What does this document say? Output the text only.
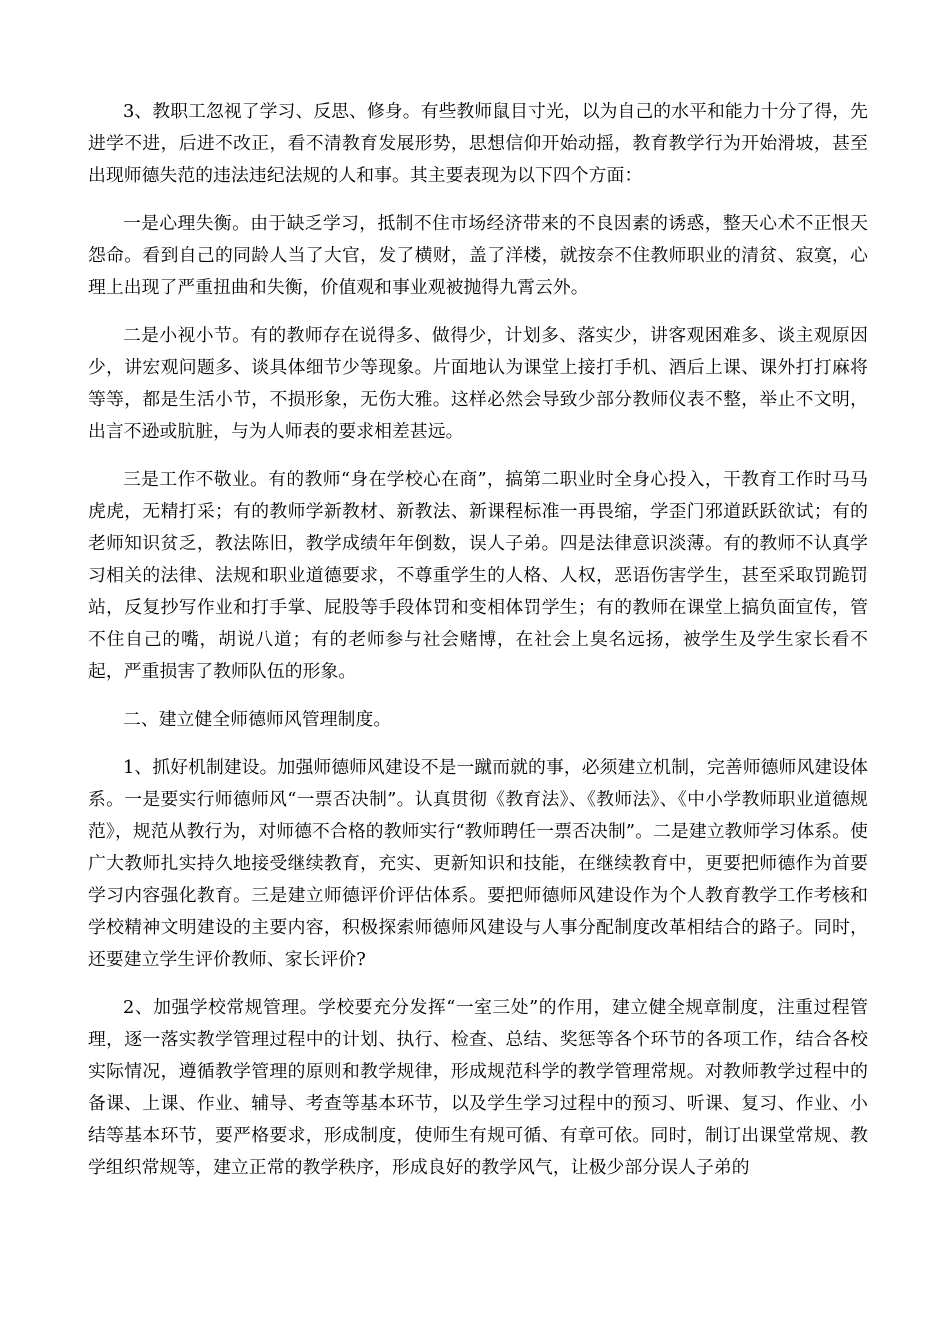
3、教职工忽视了学习、反思、修身。有些教师鼠目寸光，以为自己的水平和能力十分了得，先进学不进，后进不改正，看不清教育发展形势，思想信仰开始动摇，教育教学行为开始滑坡，甚至出现师德失范的违法违纪法规的人和事。其主要表现为以下四个方面：

一是心理失衡。由于缺乏学习，抵制不住市场经济带来的不良因素的诱惑，整天心术不正恨天怨命。看到自己的同龄人当了大官，发了横财，盖了洋楼，就按奈不住教师职业的清贫、寂寞，心理上出现了严重扭曲和失衡，价值观和事业观被抛得九霄云外。

二是小视小节。有的教师存在说得多、做得少，计划多、落实少，讲客观困难多、谈主观原因少，讲宏观问题多、谈具体细节少等现象。片面地认为课堂上接打手机、酒后上课、课外打打麻将等等，都是生活小节，不损形象，无伤大雅。这样必然会导致少部分教师仪表不整，举止不文明，出言不逊或肮脏，与为人师表的要求相差甚远。

三是工作不敬业。有的教师“身在学校心在商”，搞第二职业时全身心投入，干教育工作时马马虎虎，无精打采；有的教师学新教材、新教法、新课程标准一再畏缩，学歪门邪道跃跃欲试；有的老师知识贫乏，教法陈旧，教学成绩年年倒数，误人子弟。四是法律意识淡薄。有的教师不认真学习相关的法律、法规和职业道德要求，不尊重学生的人格、人权，恶语伤害学生，甚至采取罚跪罚站，反复抄写作业和打手掌、屁股等手段体罚和变相体罚学生；有的教师在课堂上搞负面宣传，管不住自己的嘴，胡说八道；有的老师参与社会赌博，在社会上臭名远扬，被学生及学生家长看不起，严重损害了教师队伍的形象。

二、建立健全师德师风管理制度。

1、抓好机制建设。加强师德师风建设不是一蹴而就的事，必须建立机制，完善师德师风建设体系。一是要实行师德师风“一票否决制”。认真贯彻《教育法》、《教师法》、《中小学教师职业道德规范》，规范从教行为，对师德不合格的教师实行“教师聘任一票否决制”。二是建立教师学习体系。使广大教师扎实持久地接受继续教育，充实、更新知识和技能，在继续教育中，更要把师德作为首要学习内容强化教育。三是建立师德评价评估体系。要把师德师风建设作为个人教育教学工作考核和学校精神文明建设的主要内容，积极探索师德师风建设与人事分配制度改革相结合的路子。同时，还要建立学生评价教师、家长评价?

2、加强学校常规管理。学校要充分发挥“一室三处”的作用，建立健全规章制度，注重过程管理，逐一落实教学管理过程中的计划、执行、检查、总结、奖惩等各个环节的各项工作，结合各校实际情况，遵循教学管理的原则和教学规律，形成规范科学的教学管理常规。对教师教学过程中的备课、上课、作业、辅导、考查等基本环节，以及学生学习过程中的预习、听课、复习、作业、小结等基本环节，要严格要求，形成制度，使师生有规可循、有章可依。同时，制订出课堂常规、教学组织常规等，建立正常的教学秩序，形成良好的教学风气，让极少部分误人子弟的
